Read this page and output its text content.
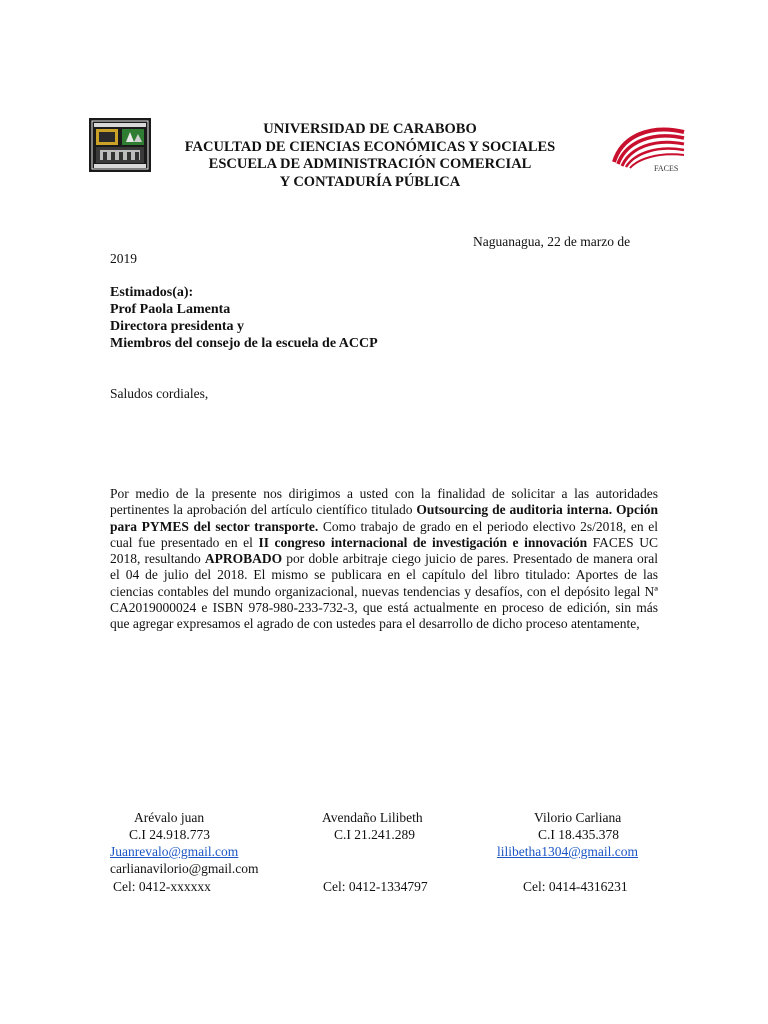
UNIVERSIDAD DE CARABOBO
FACULTAD DE CIENCIAS ECONÓMICAS Y SOCIALES
ESCUELA DE ADMINISTRACIÓN COMERCIAL
Y CONTADURÍA PÚBLICA
FACES
Naguanagua, 22 de marzo de
2019
Estimados(a):
Prof Paola Lamenta
Directora presidenta y
Miembros del consejo de la escuela de ACCP
Saludos cordiales,
Por medio de la presente nos dirigimos a usted con la finalidad de solicitar a las autoridades pertinentes la aprobación del artículo científico titulado Outsourcing de auditoria interna. Opción para PYMES del sector transporte. Como trabajo de grado en el periodo electivo 2s/2018, en el cual fue presentado en el II congreso internacional de investigación e innovación FACES UC 2018, resultando APROBADO por doble arbitraje ciego juicio de pares. Presentado de manera oral el 04 de julio del 2018. El mismo se publicara en el capítulo del libro titulado: Aportes de las ciencias contables del mundo organizacional, nuevas tendencias y desafíos, con el depósito legal Nª CA2019000024 e ISBN 978-980-233-732-3, que está actualmente en proceso de edición, sin más que agregar expresamos el agrado de con ustedes para el desarrollo de dicho proceso atentamente,
Arévalo juan
C.I 24.918.773
Juanrevalo@gmail.com
carlianavilorio@gmail.com
Cel: 0412-xxxxxx
Avendaño Lilibeth
C.I 21.241.289
Cel: 0412-1334797
Vilorio Carliana
C.I 18.435.378
lilibetha1304@gmail.com
Cel: 0414-4316231
